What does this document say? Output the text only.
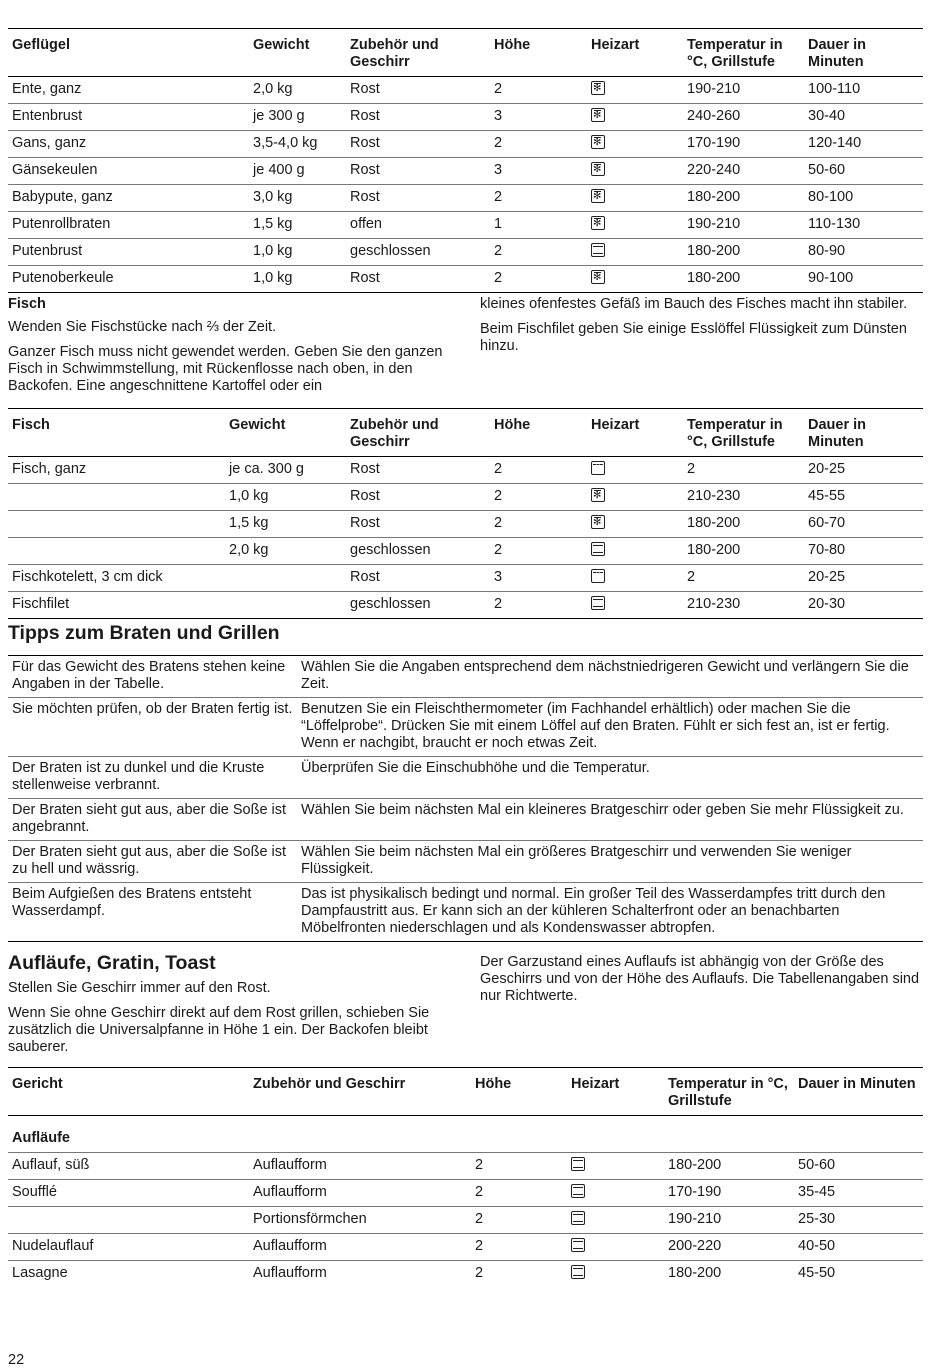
Geflügel	Gewicht	Zubehör und Geschirr	Höhe	Heizart	Temperatur in °C, Grillstufe	Dauer in Minuten
Ente, ganz	2,0 kg	Rost	2	✻	190-210	100-110
Entenbrust	je 300 g	Rost	3	✻	240-260	30-40
Gans, ganz	3,5-4,0 kg	Rost	2	✻	170-190	120-140
Gänsekeulen	je 400 g	Rost	3	✻	220-240	50-60
Babypute, ganz	3,0 kg	Rost	2	✻	180-200	80-100
Putenrollbraten	1,5 kg	offen	1	✻	190-210	110-130
Putenbrust	1,0 kg	geschlossen	2		180-200	80-90
Putenoberkeule	1,0 kg	Rost	2	✻	180-200	90-100
Fisch
Wenden Sie Fischstücke nach ⅔ der Zeit.
Ganzer Fisch muss nicht gewendet werden. Geben Sie den ganzen Fisch in Schwimmstellung, mit Rückenflosse nach oben, in den Backofen. Eine angeschnittene Kartoffel oder ein
kleines ofenfestes Gefäß im Bauch des Fisches macht ihn stabiler.
Beim Fischfilet geben Sie einige Esslöffel Flüssigkeit zum Dünsten hinzu.
Fisch	Gewicht	Zubehör und Geschirr	Höhe	Heizart	Temperatur in °C, Grillstufe	Dauer in Minuten
Fisch, ganz	je ca. 300 g	Rost	2		2	20-25
	1,0 kg	Rost	2	✻	210-230	45-55
	1,5 kg	Rost	2	✻	180-200	60-70
	2,0 kg	geschlossen	2		180-200	70-80
Fischkotelett, 3 cm dick		Rost	3		2	20-25
Fischfilet		geschlossen	2		210-230	20-30
Tipps zum Braten und Grillen
Für das Gewicht des Bratens stehen keine Angaben in der Tabelle.	Wählen Sie die Angaben entsprechend dem nächstniedrigeren Gewicht und verlängern Sie die Zeit.
Sie möchten prüfen, ob der Braten fertig ist.	Benutzen Sie ein Fleischthermometer (im Fachhandel erhältlich) oder machen Sie die “Löffelprobe“. Drücken Sie mit einem Löffel auf den Braten. Fühlt er sich fest an, ist er fertig. Wenn er nachgibt, braucht er noch etwas Zeit.
Der Braten ist zu dunkel und die Kruste stellenweise verbrannt.	Überprüfen Sie die Einschubhöhe und die Temperatur.
Der Braten sieht gut aus, aber die Soße ist angebrannt.	Wählen Sie beim nächsten Mal ein kleineres Bratgeschirr oder geben Sie mehr Flüssigkeit zu.
Der Braten sieht gut aus, aber die Soße ist zu hell und wässrig.	Wählen Sie beim nächsten Mal ein größeres Bratgeschirr und verwenden Sie weniger Flüssigkeit.
Beim Aufgießen des Bratens entsteht Wasserdampf.	Das ist physikalisch bedingt und normal. Ein großer Teil des Wasserdampfes tritt durch den Dampfaustritt aus. Er kann sich an der kühleren Schalterfront oder an benachbarten Möbelfronten niederschlagen und als Kondenswasser abtropfen.
Aufläufe, Gratin, Toast
Stellen Sie Geschirr immer auf den Rost.
Wenn Sie ohne Geschirr direkt auf dem Rost grillen, schieben Sie zusätzlich die Universalpfanne in Höhe 1 ein. Der Backofen bleibt sauberer.
Der Garzustand eines Auflaufs ist abhängig von der Größe des Geschirrs und von der Höhe des Auflaufs. Die Tabellenangaben sind nur Richtwerte.
Gericht	Zubehör und Geschirr	Höhe	Heizart	Temperatur in °C, Grillstufe	Dauer in Minuten
Aufläufe					
Auflauf, süß	Auflaufform	2		180-200	50-60
Soufflé	Auflaufform	2		170-190	35-45
	Portionsförmchen	2		190-210	25-30
Nudelauflauf	Auflaufform	2		200-220	40-50
Lasagne	Auflaufform	2		180-200	45-50
22
